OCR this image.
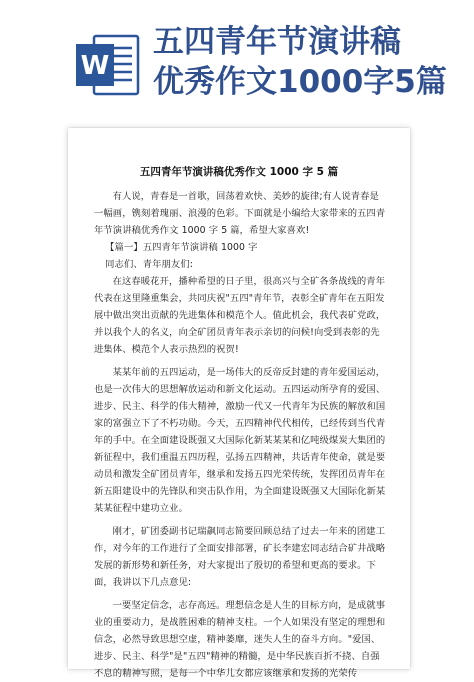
W
五四青年节演讲稿
优秀作文1000字5篇
五四青年节演讲稿优秀作文 1000 字 5 篇

有人说，青春是一首歌，回荡着欢快、美妙的旋律;有人说青春是一幅画，镌刻着瑰丽、浪漫的色彩。下面就是小编给大家带来的五四青年节演讲稿优秀作文 1000 字 5 篇，希望大家喜欢!

【篇一】五四青年节演讲稿 1000 字

同志们、青年朋友们:

在这春暖花开，播种希望的日子里，很高兴与全矿各条战线的青年代表在这里隆重集会，共同庆祝"五四"青年节，表彰全矿青年在五阳发展中做出突出贡献的先进集体和模范个人。值此机会，我代表矿党政，并以我个人的名义，向全矿团员青年表示亲切的问候!向受到表彰的先进集体、模范个人表示热烈的祝贺!

某某年前的五四运动，是一场伟大的反帝反封建的青年爱国运动，也是一次伟大的思想解放运动和新文化运动。五四运动所孕育的爱国、进步、民主、科学的伟大精神，激励一代又一代青年为民族的解放和国家的富强立下了不朽功勋。今天，五四精神代代相传，已经传到当代青年的手中。在全面建设既强又大国际化新某某某和亿吨级煤炭大集团的新征程中，我们重温五四历程，弘扬五四精神，共话青年使命，就是要动员和激发全矿团员青年，继承和发扬五四光荣传统，发挥团员青年在新五阳建设中的先锋队和突击队作用，为全面建设既强又大国际化新某某某征程中建功立业。

刚才，矿团委副书记瑞飙同志简要回顾总结了过去一年来的团建工作，对今年的工作进行了全面安排部署，矿长李建宏同志结合矿井战略发展的新形势和新任务，对大家提出了殷切的希望和更高的要求。下面，我讲以下几点意见:

一要坚定信念，志存高远。理想信念是人生的目标方向，是成就事业的重要动力，是战胜困难的精神支柱。一个人如果没有坚定的理想和信念，必然导致思想空虚，精神萎靡，迷失人生的奋斗方向。"爱国、进步、民主、科学"是"五四"精神的精髓，是中华民族百折不挠、自强不息的精神写照，是每一个中华儿女都应该继承和发扬的光荣传
